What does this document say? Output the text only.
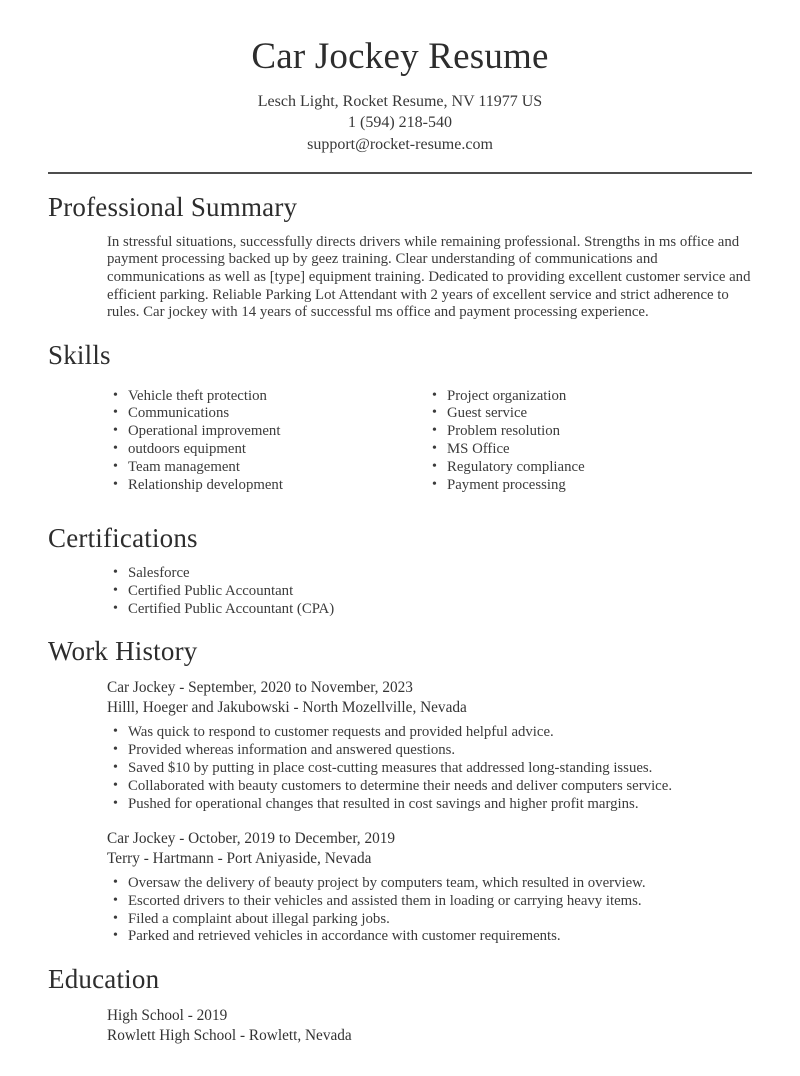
Car Jockey Resume
Lesch Light, Rocket Resume, NV 11977 US
1 (594) 218-540
support@rocket-resume.com
Professional Summary

In stressful situations, successfully directs drivers while remaining professional. Strengths in ms office and payment processing backed up by geez training. Clear understanding of communications and communications as well as [type] equipment training. Dedicated to providing excellent customer service and efficient parking. Reliable Parking Lot Attendant with 2 years of excellent service and strict adherence to rules. Car jockey with 14 years of successful ms office and payment processing experience.

Skills
• Vehicle theft protection
• Communications
• Operational improvement
• outdoors equipment
• Team management
• Relationship development
• Project organization
• Guest service
• Problem resolution
• MS Office
• Regulatory compliance
• Payment processing
Certifications
• Salesforce
• Certified Public Accountant
• Certified Public Accountant (CPA)
Work History
Car Jockey - September, 2020 to November, 2023
Hilll, Hoeger and Jakubowski - North Mozellville, Nevada
• Was quick to respond to customer requests and provided helpful advice.
• Provided whereas information and answered questions.
• Saved $10 by putting in place cost-cutting measures that addressed long-standing issues.
• Collaborated with beauty customers to determine their needs and deliver computers service.
• Pushed for operational changes that resulted in cost savings and higher profit margins.
Car Jockey - October, 2019 to December, 2019
Terry - Hartmann - Port Aniyaside, Nevada
• Oversaw the delivery of beauty project by computers team, which resulted in overview.
• Escorted drivers to their vehicles and assisted them in loading or carrying heavy items.
• Filed a complaint about illegal parking jobs.
• Parked and retrieved vehicles in accordance with customer requirements.
Education
High School - 2019
Rowlett High School - Rowlett, Nevada
